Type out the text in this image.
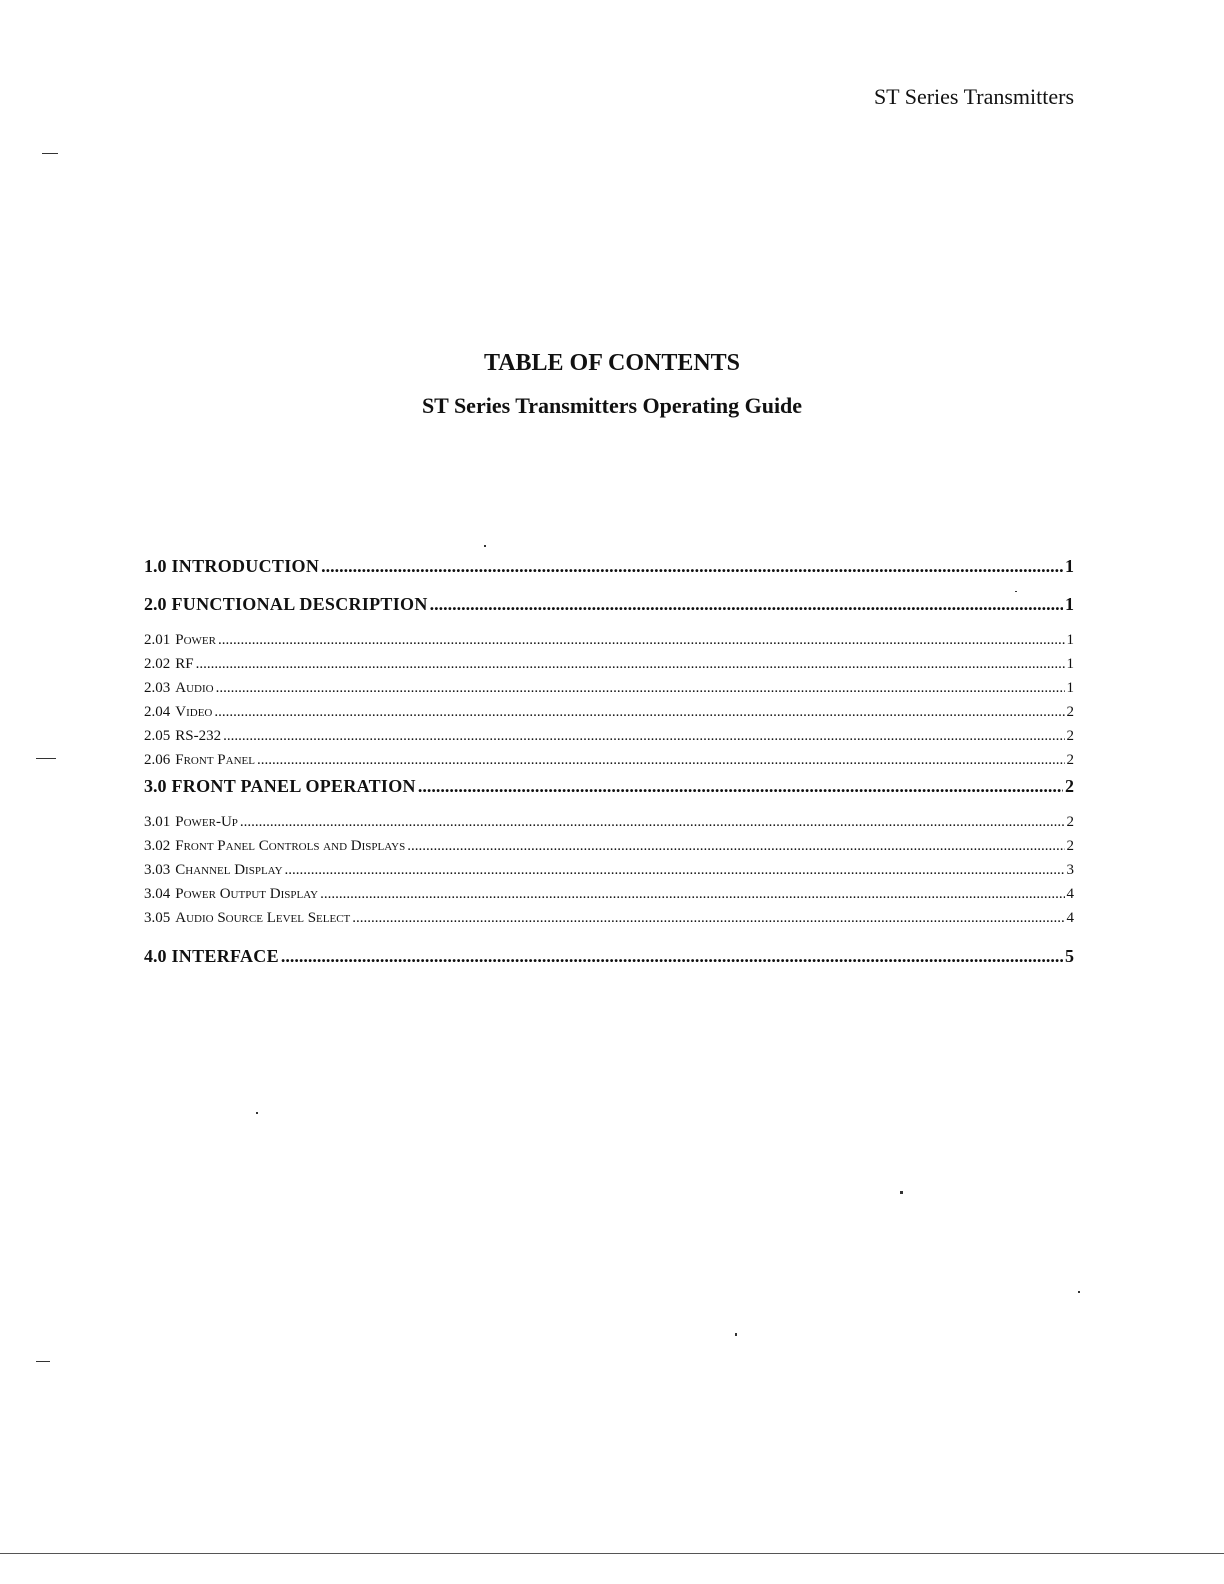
ST Series Transmitters
TABLE OF CONTENTS
ST Series Transmitters Operating Guide
1.0 INTRODUCTION .....	1
2.0 FUNCTIONAL DESCRIPTION .....	1
2.01 Power .....	1
2.02 RF .....	1
2.03 Audio .....	1
2.04 Video .....	2
2.05 RS-232 .....	2
2.06 Front Panel .....	2
3.0 FRONT PANEL OPERATION .....	2
3.01 Power-Up .....	2
3.02 Front Panel Controls and Displays .....	2
3.03 Channel Display .....	3
3.04 Power Output Display .....	4
3.05 Audio Source Level Select .....	4
4.0 INTERFACE .....	5
